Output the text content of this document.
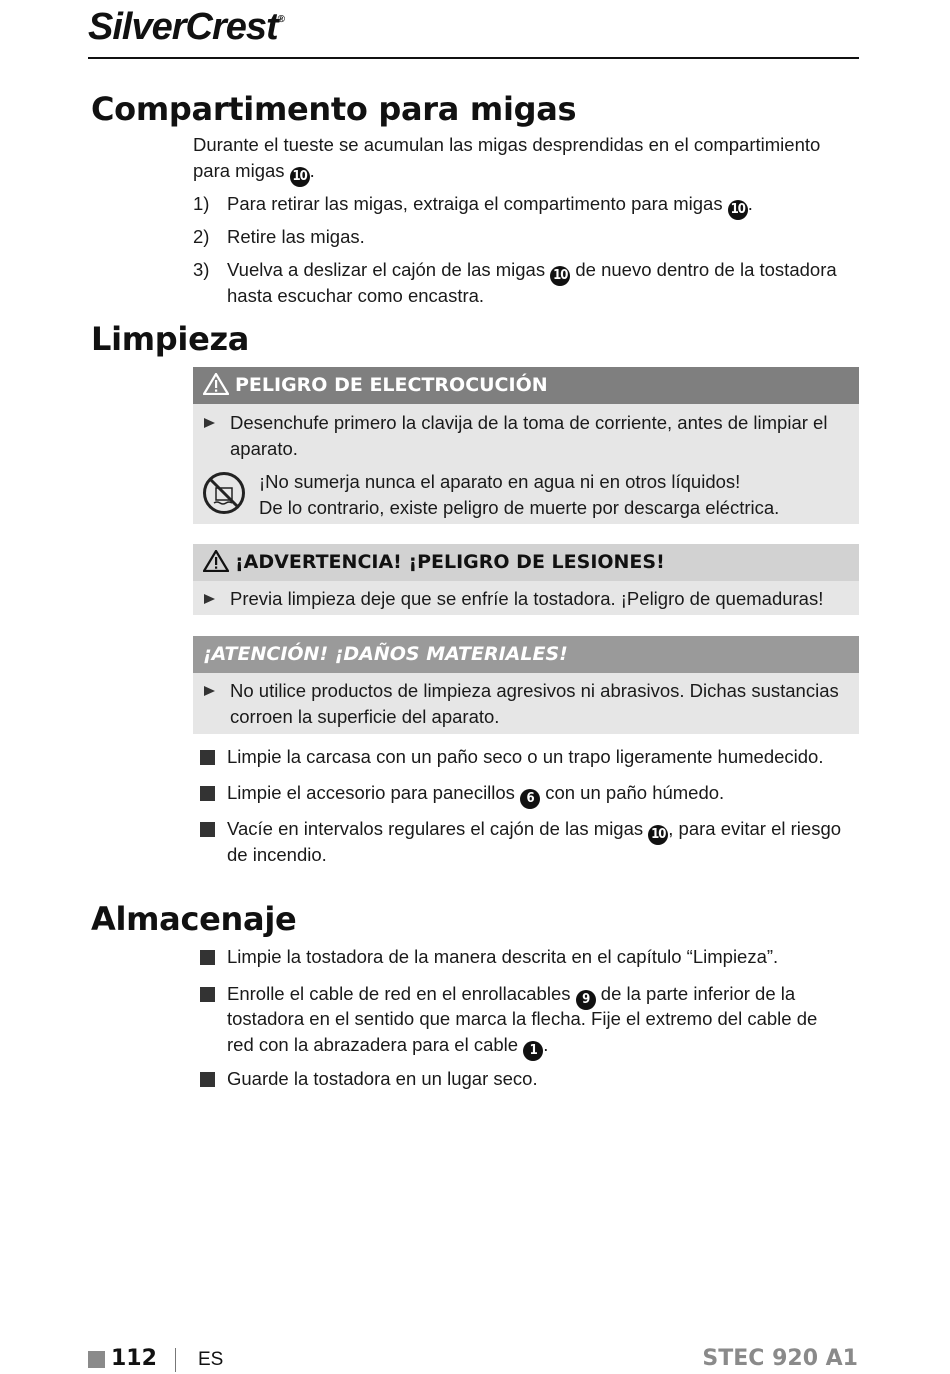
SilverCrest®
Compartimento para migas
Durante el tueste se acumulan las migas desprendidas en el compartimiento
para migas 10 .
1) Para retirar las migas, extraiga el compartimento para migas 10 .
2) Retire las migas.
3) Vuelva a deslizar el cajón de las migas 10 de nuevo dentro de la tostadora
hasta escuchar como encastra.
Limpieza
PELIGRO DE ELECTROCUCIÓN
Desenchufe primero la clavija de la toma de corriente, antes de limpiar el
aparato.
¡No sumerja nunca el aparato en agua ni en otros líquidos!
De lo contrario, existe peligro de muerte por descarga eléctrica.
¡ADVERTENCIA! ¡PELIGRO DE LESIONES!
Previa limpieza deje que se enfríe la tostadora. ¡Peligro de quemaduras!
¡ATENCIÓN! ¡DAÑOS MATERIALES!
No utilice productos de limpieza agresivos ni abrasivos. Dichas sustancias
corroen la superficie del aparato.
Limpie la carcasa con un paño seco o un trapo ligeramente humedecido.
Limpie el accesorio para panecillos 6 con un paño húmedo.
Vacíe en intervalos regulares el cajón de las migas 10 , para evitar el riesgo
de incendio.
Almacenaje
Limpie la tostadora de la manera descrita en el capítulo “Limpieza”.
Enrolle el cable de red en el enrollacables 9 de la parte inferior de la
tostadora en el sentido que marca la flecha. Fije el extremo del cable de
red con la abrazadera para el cable 1 .
Guarde la tostadora en un lugar seco.
112 ES	STEC 920 A1
